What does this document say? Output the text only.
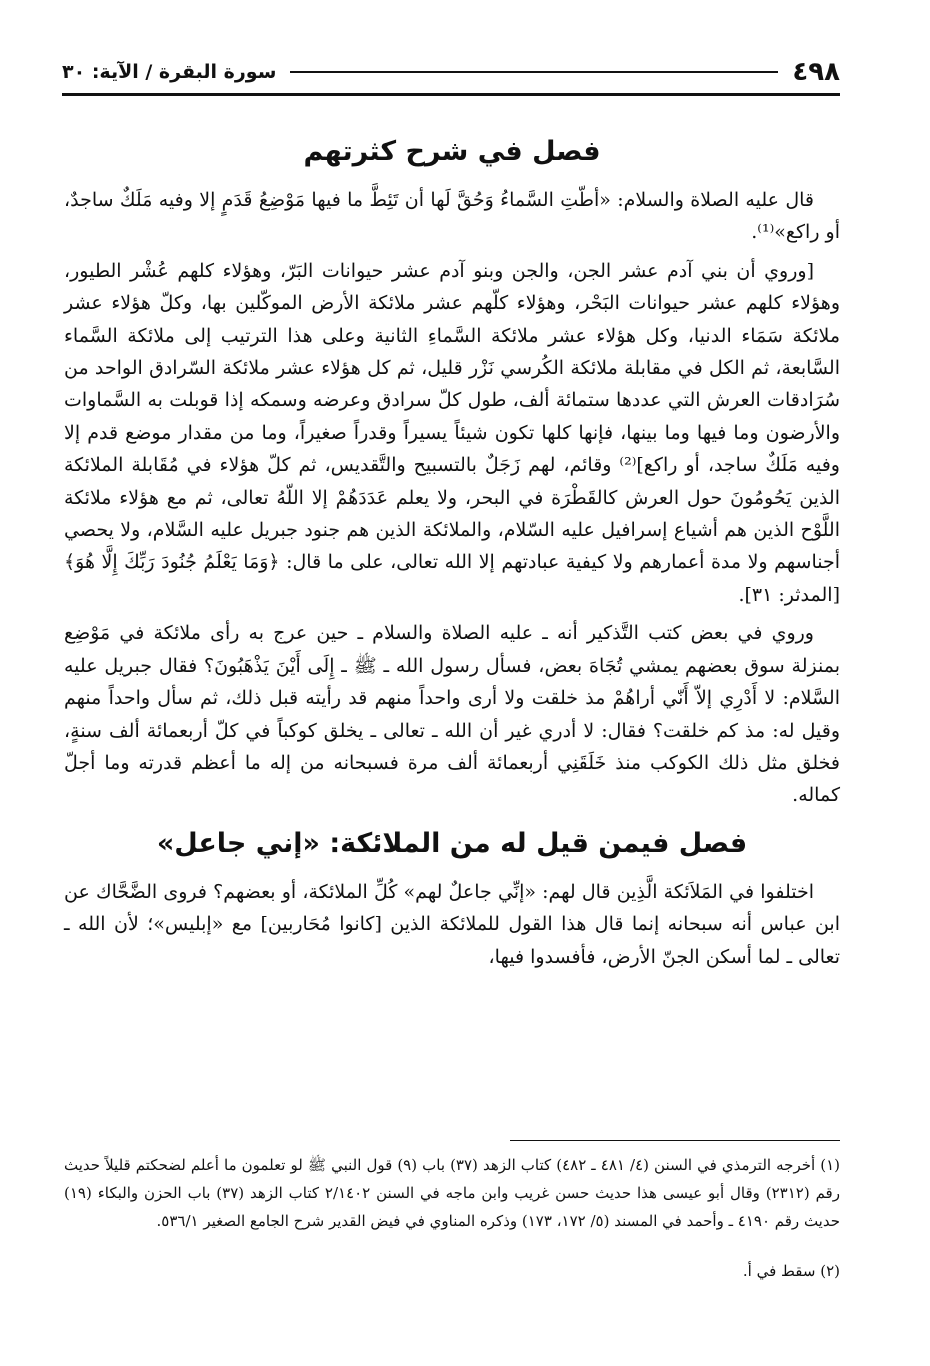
٤٩٨
سورة البقرة / الآية: ٣٠
فصل في شرح كثرتهم

قال عليه الصلاة والسلام: «أطّتِ السَّماءُ وَحُقَّ لَها أن تَئِطَّ ما فيها مَوْضِعُ قَدَمٍ إلا وفيه مَلَكٌ ساجدٌ، أو راكع»⁽¹⁾.

[وروي أن بني آدم عشر الجن، والجن وبنو آدم عشر حيوانات البَرّ، وهؤلاء كلهم عُشْر الطيور، وهؤلاء كلهم عشر حيوانات البَحْر، وهؤلاء كلّهم عشر ملائكة الأرض الموكّلين بها، وكلّ هؤلاء عشر ملائكة سَمَاء الدنيا، وكل هؤلاء عشر ملائكة السَّماءِ الثانية وعلى هذا الترتيب إلى ملائكة السَّماء السَّابعة، ثم الكل في مقابلة ملائكة الكُرسي نَزْر قليل، ثم كل هؤلاء عشر ملائكة السّرادق الواحد من سُرَادقات العرش التي عددها ستمائة ألف، طول كلّ سرادق وعرضه وسمكه إذا قوبلت به السَّماوات والأرضون وما فيها وما بينها، فإنها كلها تكون شيئاً يسيراً وقدراً صغيراً، وما من مقدار موضع قدم إلا وفيه مَلَكٌ ساجد، أو راكع]⁽²⁾ وقائم، لهم زَجَلٌ بالتسبيح والتَّقديس، ثم كلّ هؤلاء في مُقَابلة الملائكة الذين يَحُومُونَ حول العرش كالقَطْرَة في البحر، ولا يعلم عَدَدَهُمْ إلا اللّهُ تعالى، ثم مع هؤلاء ملائكة اللَّوْح الذين هم أشياع إسرافيل عليه السّلام، والملائكة الذين هم جنود جبريل عليه السَّلام، ولا يحصي أجناسهم ولا مدة أعمارهم ولا كيفية عبادتهم إلا الله تعالى، على ما قال: ﴿وَمَا يَعْلَمُ جُنُودَ رَبِّكَ إِلَّا هُوَ﴾ [المدثر: ٣١].

وروي في بعض كتب التَّذكير أنه ـ عليه الصلاة والسلام ـ حين عرج به رأى ملائكة في مَوْضِع بمنزلة سوق بعضهم يمشي تُجَاهَ بعض، فسأل رسول الله ـ ﷺ ـ إِلَى أَيْنَ يَذْهَبُونَ؟ فقال جبريل عليه السَّلام: لا أَدْرِي إلاّ أَنّي أراهُمْ مذ خلقت ولا أرى واحداً منهم قد رأيته قبل ذلك، ثم سأل واحداً منهم وقيل له: مذ كم خلقت؟ فقال: لا أدري غير أن الله ـ تعالى ـ يخلق كوكباً في كلّ أربعمائة ألف سنةٍ، فخلق مثل ذلك الكوكب منذ خَلَقَنِي أربعمائة ألف مرة فسبحانه من إله ما أعظم قدرته وما أجلّ كماله.

فصل فيمن قيل له من الملائكة: «إني جاعل»

اختلفوا في المَلاَئكة الَّذِين قال لهم: «إنِّي جاعلٌ لهم» كُلِّ الملائكة، أو بعضهم؟ فروى الضَّحَّاك عن ابن عباس أنه سبحانه إنما قال هذا القول للملائكة الذين [كانوا مُحَاربين] مع «إبليس»؛ لأن الله ـ تعالى ـ لما أسكن الجنّ الأرض، فأفسدوا فيها،

(١) أخرجه الترمذي في السنن (٤/ ٤٨١ ـ ٤٨٢) كتاب الزهد (٣٧) باب (٩) قول النبي ﷺ لو تعلمون ما أعلم لضحكتم قليلاً حديث رقم (٢٣١٢) وقال أبو عيسى هذا حديث حسن غريب وابن ماجه في السنن ٢/١٤٠٢ كتاب الزهد (٣٧) باب الحزن والبكاء (١٩) حديث رقم ٤١٩٠ ـ وأحمد في المسند (٥/ ١٧٢، ١٧٣) وذكره المناوي في فيض القدير شرح الجامع الصغير ٥٣٦/١.

(٢) سقط في أ.
